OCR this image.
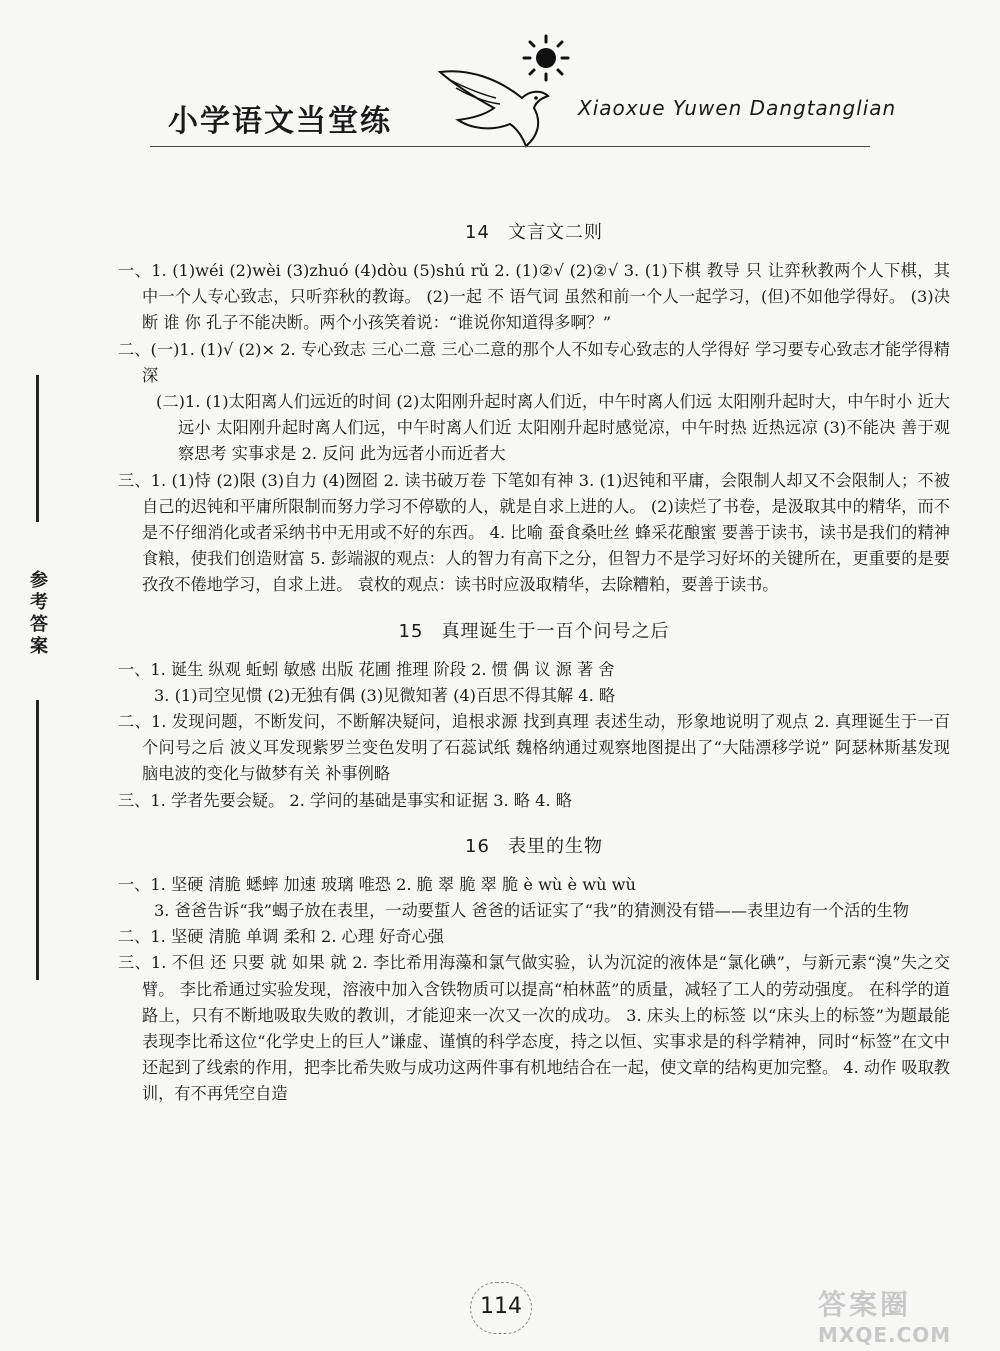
小学语文当堂练	Xiaoxue Yuwen Dangtanglian
参考答案
14 文言文二则

一、1. (1)wéi (2)wèi (3)zhuó (4)dòu (5)shú rǔ 2. (1)②√ (2)②√ 3. (1)下棋 教导 只 让弈秋教两个人下棋，其中一个人专心致志，只听弈秋的教诲。 (2)一起 不 语气词 虽然和前一个人一起学习，(但)不如他学得好。 (3)决断 谁 你 孔子不能决断。两个小孩笑着说：“谁说你知道得多啊？”

二、(一)1. (1)√ (2)× 2. 专心致志 三心二意 三心二意的那个人不如专心致志的人学得好 学习要专心致志才能学得精深

(二)1. (1)太阳离人们远近的时间 (2)太阳刚升起时离人们近，中午时离人们远 太阳刚升起时大，中午时小 近大远小 太阳刚升起时离人们远，中午时离人们近 太阳刚升起时感觉凉，中午时热 近热远凉 (3)不能决 善于观察思考 实事求是 2. 反问 此为远者小而近者大

三、1. (1)恃 (2)限 (3)自力 (4)囫囵 2. 读书破万卷 下笔如有神 3. (1)迟钝和平庸，会限制人却又不会限制人；不被自己的迟钝和平庸所限制而努力学习不停歇的人，就是自求上进的人。 (2)读烂了书卷，是汲取其中的精华，而不是不仔细消化或者采纳书中无用或不好的东西。 4. 比喻 蚕食桑吐丝 蜂采花酿蜜 要善于读书，读书是我们的精神食粮，使我们创造财富 5. 彭端淑的观点：人的智力有高下之分，但智力不是学习好坏的关键所在，更重要的是要孜孜不倦地学习，自求上进。 袁枚的观点：读书时应汲取精华，去除糟粕，要善于读书。

15 真理诞生于一百个问号之后

一、1. 诞生 纵观 蚯蚓 敏感 出版 花圃 推理 阶段 2. 惯 偶 议 源 著 舍

3. (1)司空见惯 (2)无独有偶 (3)见微知著 (4)百思不得其解 4. 略

二、1. 发现问题，不断发问，不断解决疑问，追根求源 找到真理 表述生动，形象地说明了观点 2. 真理诞生于一百个问号之后 波义耳发现紫罗兰变色发明了石蕊试纸 魏格纳通过观察地图提出了“大陆漂移学说” 阿瑟林斯基发现脑电波的变化与做梦有关 补事例略

三、1. 学者先要会疑。 2. 学问的基础是事实和证据 3. 略 4. 略

16 表里的生物

一、1. 坚硬 清脆 蟋蟀 加速 玻璃 唯恐 2. 脆 翠 脆 翠 脆 è wù è wù wù

3. 爸爸告诉“我”蝎子放在表里，一动要蜇人 爸爸的话证实了“我”的猜测没有错——表里边有一个活的生物

二、1. 坚硬 清脆 单调 柔和 2. 心理 好奇心强

三、1. 不但 还 只要 就 如果 就 2. 李比希用海藻和氯气做实验，认为沉淀的液体是“氯化碘”，与新元素“溴”失之交臂。 李比希通过实验发现，溶液中加入含铁物质可以提高“柏林蓝”的质量，减轻了工人的劳动强度。 在科学的道路上，只有不断地吸取失败的教训，才能迎来一次又一次的成功。 3. 床头上的标签 以“床头上的标签”为题最能表现李比希这位“化学史上的巨人”谦虚、谨慎的科学态度，持之以恒、实事求是的科学精神，同时“标签”在文中还起到了线索的作用，把李比希失败与成功这两件事有机地结合在一起，使文章的结构更加完整。 4. 动作 吸取教训，有不再凭空自造

114	答案圈
MXQE.COM
